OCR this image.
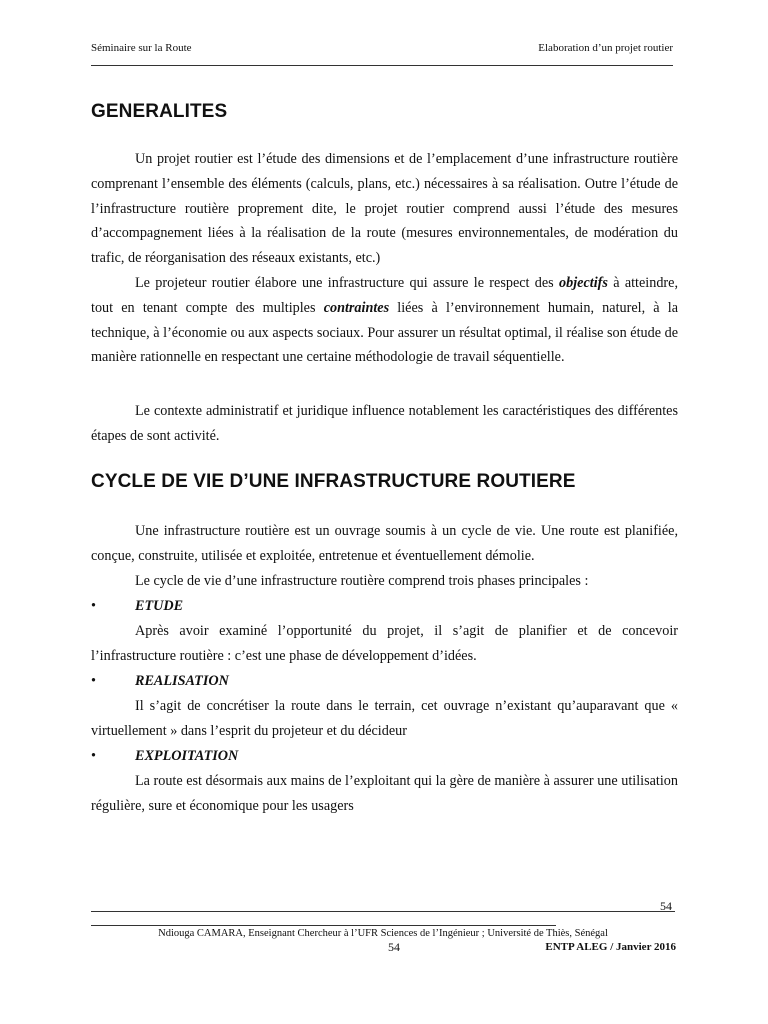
Séminaire sur la Route	Elaboration d’un projet routier
GENERALITES

Un projet routier est l’étude des dimensions et de l’emplacement d’une infrastructure routière comprenant l’ensemble des éléments (calculs, plans, etc.) nécessaires à sa réalisation. Outre l’étude de l’infrastructure routière proprement dite, le projet routier comprend aussi l’étude des mesures d’accompagnement liées à la réalisation de la route (mesures environnementales, de modération du trafic, de réorganisation des réseaux existants, etc.)

Le projeteur routier élabore une infrastructure qui assure le respect des objectifs à atteindre, tout en tenant compte des multiples contraintes liées à l’environnement humain, naturel, à la technique, à l’économie ou aux aspects sociaux. Pour assurer un résultat optimal, il réalise son étude de manière rationnelle en respectant une certaine méthodologie de travail séquentielle.

Le contexte administratif et juridique influence notablement les caractéristiques des différentes étapes de sont activité.

CYCLE DE VIE D’UNE INFRASTRUCTURE ROUTIERE

Une infrastructure routière est un ouvrage soumis à un cycle de vie. Une route est planifiée, conçue, construite, utilisée et exploitée, entretenue et éventuellement démolie.

Le cycle de vie d’une infrastructure routière comprend trois phases principales :

•	ETUDE

Après avoir examiné l’opportunité du projet, il s’agit de planifier et de concevoir l’infrastructure routière : c’est une phase de développement d’idées.

•	REALISATION

Il s’agit de concrétiser la route dans le terrain, cet ouvrage n’existant qu’auparavant que « virtuellement » dans l’esprit du projeteur et du décideur

•	EXPLOITATION

La route est désormais aux mains de l’exploitant qui la gère de manière à assurer une utilisation régulière, sure et économique pour les usagers

54
Ndiouga CAMARA, Enseignant Chercheur à l’UFR Sciences de l’Ingénieur ; Université de Thiès, Sénégal
54	ENTP ALEG / Janvier 2016
